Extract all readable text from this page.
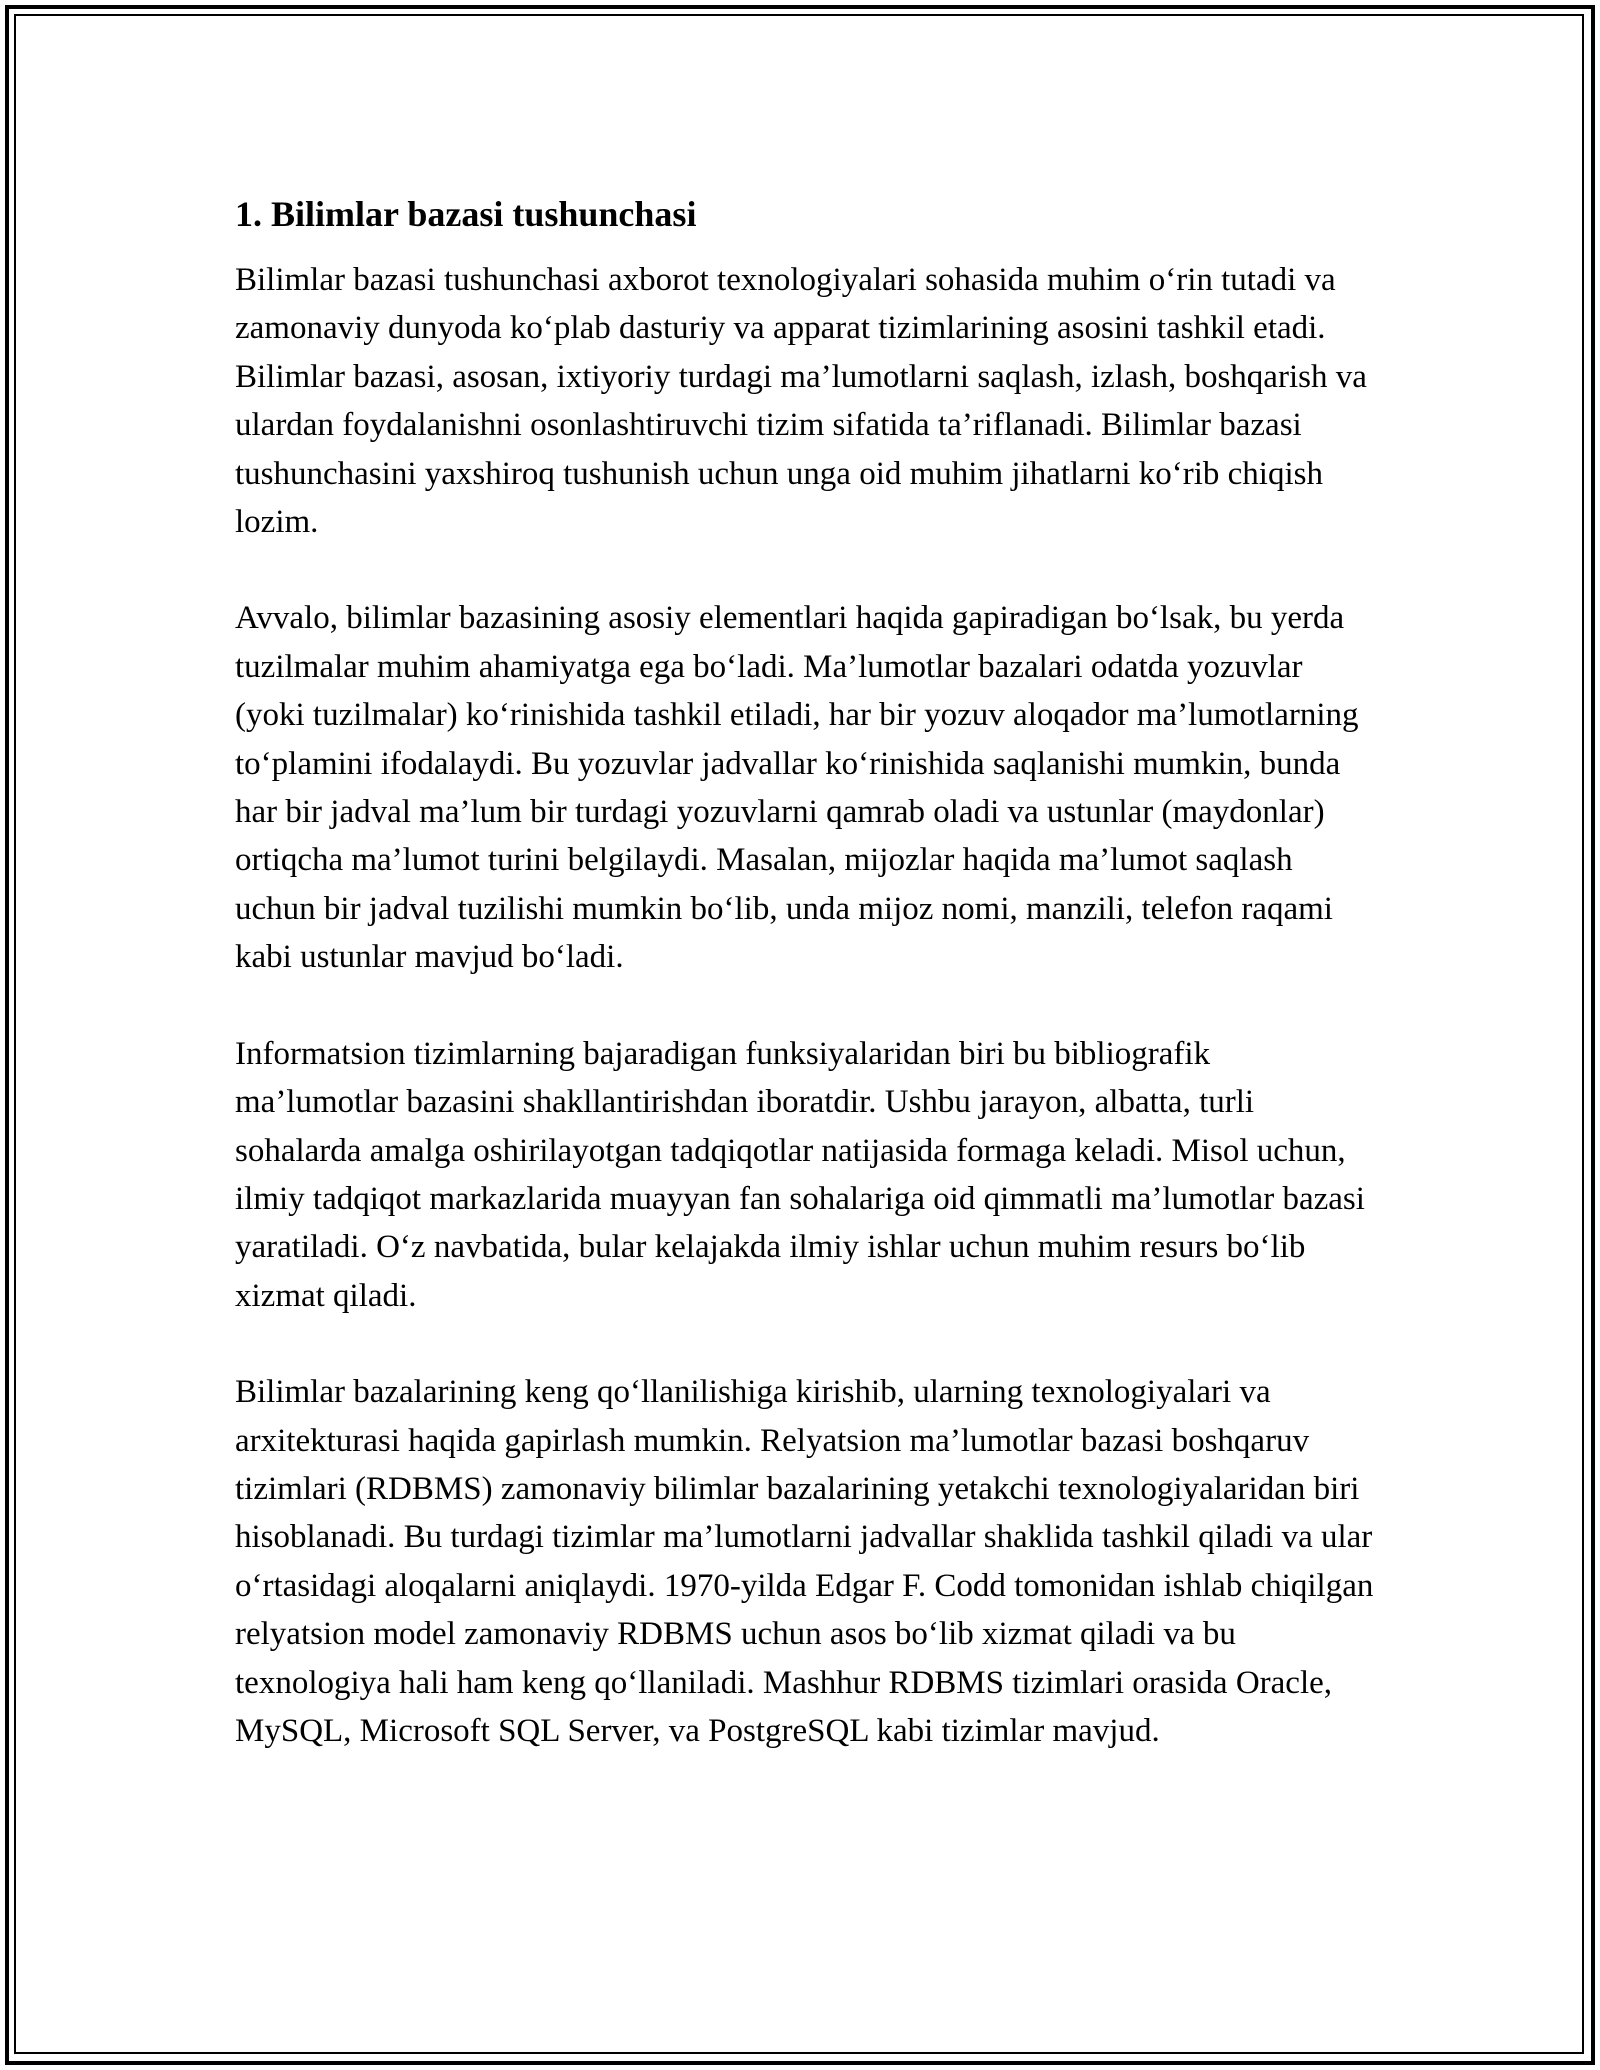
1. Bilimlar bazasi tushunchasi

Bilimlar bazasi tushunchasi axborot texnologiyalari sohasida muhim o‘rin tutadi va zamonaviy dunyoda ko‘plab dasturiy va apparat tizimlarining asosini tashkil etadi. Bilimlar bazasi, asosan, ixtiyoriy turdagi ma’lumotlarni saqlash, izlash, boshqarish va ulardan foydalanishni osonlashtiruvchi tizim sifatida ta’riflanadi. Bilimlar bazasi tushunchasini yaxshiroq tushunish uchun unga oid muhim jihatlarni ko‘rib chiqish lozim.

Avvalo, bilimlar bazasining asosiy elementlari haqida gapiradigan bo‘lsak, bu yerda tuzilmalar muhim ahamiyatga ega bo‘ladi. Ma’lumotlar bazalari odatda yozuvlar (yoki tuzilmalar) ko‘rinishida tashkil etiladi, har bir yozuv aloqador ma’lumotlarning to‘plamini ifodalaydi. Bu yozuvlar jadvallar ko‘rinishida saqlanishi mumkin, bunda har bir jadval ma’lum bir turdagi yozuvlarni qamrab oladi va ustunlar (maydonlar) ortiqcha ma’lumot turini belgilaydi. Masalan, mijozlar haqida ma’lumot saqlash uchun bir jadval tuzilishi mumkin bo‘lib, unda mijoz nomi, manzili, telefon raqami kabi ustunlar mavjud bo‘ladi.

Informatsion tizimlarning bajaradigan funksiyalaridan biri bu bibliografik ma’lumotlar bazasini shakllantirishdan iboratdir. Ushbu jarayon, albatta, turli sohalarda amalga oshirilayotgan tadqiqotlar natijasida formaga keladi. Misol uchun, ilmiy tadqiqot markazlarida muayyan fan sohalariga oid qimmatli ma’lumotlar bazasi yaratiladi. O‘z navbatida, bular kelajakda ilmiy ishlar uchun muhim resurs bo‘lib xizmat qiladi.

Bilimlar bazalarining keng qo‘llanilishiga kirishib, ularning texnologiyalari va arxitekturasi haqida gapirlash mumkin. Relyatsion ma’lumotlar bazasi boshqaruv tizimlari (RDBMS) zamonaviy bilimlar bazalarining yetakchi texnologiyalaridan biri hisoblanadi. Bu turdagi tizimlar ma’lumotlarni jadvallar shaklida tashkil qiladi va ular o‘rtasidagi aloqalarni aniqlaydi. 1970-yilda Edgar F. Codd tomonidan ishlab chiqilgan relyatsion model zamonaviy RDBMS uchun asos bo‘lib xizmat qiladi va bu texnologiya hali ham keng qo‘llaniladi. Mashhur RDBMS tizimlari orasida Oracle, MySQL, Microsoft SQL Server, va PostgreSQL kabi tizimlar mavjud.
